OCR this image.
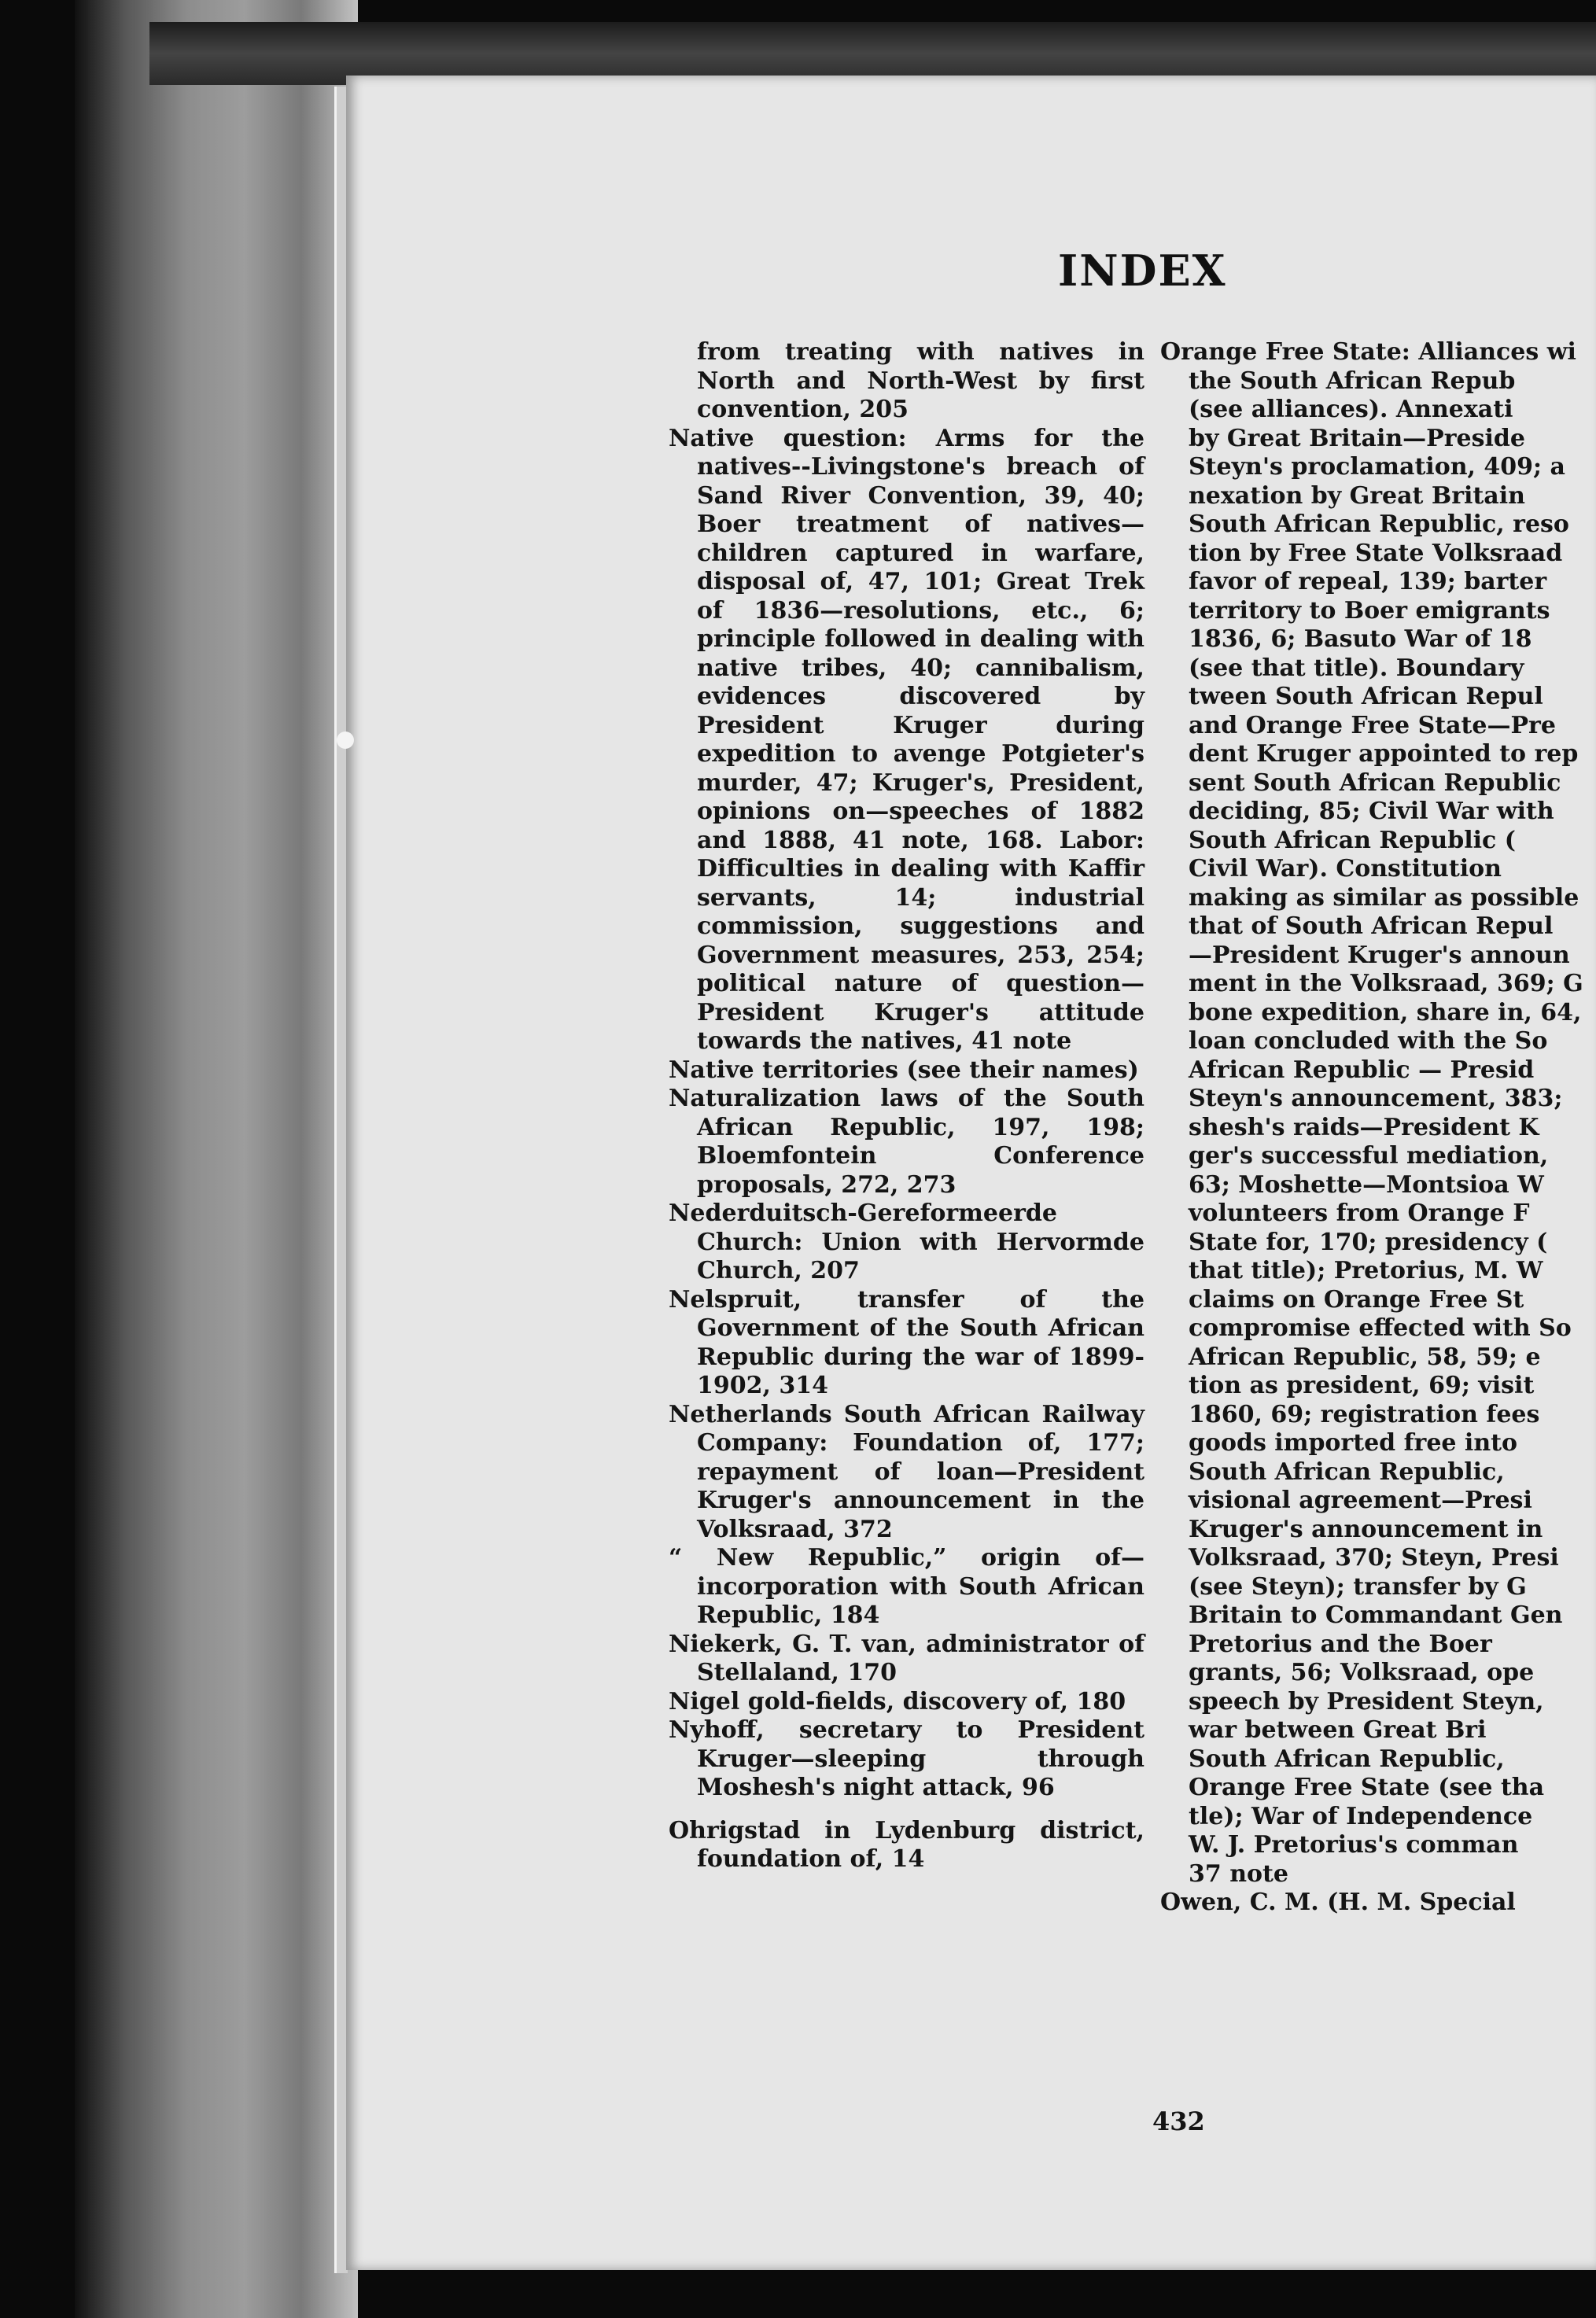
INDEX

from treating with natives in North and North-West by first convention, 205

Native question: Arms for the natives--Livingstone's breach of Sand River Convention, 39, 40; Boer treatment of natives—children captured in warfare, disposal of, 47, 101; Great Trek of 1836—resolutions, etc., 6; principle followed in dealing with native tribes, 40; cannibalism, evidences discovered by President Kruger during expedition to avenge Potgieter's murder, 47; Kruger's, President, opinions on—speeches of 1882 and 1888, 41 note, 168. Labor: Difficulties in dealing with Kaffir servants, 14; industrial commission, suggestions and Government measures, 253, 254; political nature of question—President Kruger's attitude towards the natives, 41 note

Native territories (see their names)

Naturalization laws of the South African Republic, 197, 198; Bloemfontein Conference proposals, 272, 273

Nederduitsch-Gereformeerde Church: Union with Hervormde Church, 207

Nelspruit, transfer of the Government of the South African Republic during the war of 1899-1902, 314

Netherlands South African Railway Company: Foundation of, 177; repayment of loan—President Kruger's announcement in the Volksraad, 372

“ New Republic,” origin of—incorporation with South African Republic, 184

Niekerk, G. T. van, administrator of Stellaland, 170

Nigel gold-fields, discovery of, 180

Nyhoff, secretary to President Kruger—sleeping through Moshesh's night attack, 96

Ohrigstad in Lydenburg district, foundation of, 14

Orange Free State: Alliances wi
the South African Repub
(see alliances). Annexati
by Great Britain—Preside
Steyn's proclamation, 409; a
nexation by Great Britain
South African Republic, reso
tion by Free State Volksraad
favor of repeal, 139; barter
territory to Boer emigrants
1836, 6; Basuto War of 18
(see that title). Boundary
tween South African Repul
and Orange Free State—Pre
dent Kruger appointed to rep
sent South African Republic
deciding, 85; Civil War with
South African Republic (
Civil War). Constitution
making as similar as possible
that of South African Repul
—President Kruger's announ
ment in the Volksraad, 369; G
bone expedition, share in, 64,
loan concluded with the So
African Republic — Presid
Steyn's announcement, 383;
shesh's raids—President K
ger's successful mediation,
63; Moshette—Montsioa W
volunteers from Orange F
State for, 170; presidency (
that title); Pretorius, M. W
claims on Orange Free St
compromise effected with So
African Republic, 58, 59; e
tion as president, 69; visit
1860, 69; registration fees
goods imported free into
South African Republic,
visional agreement—Presi
Kruger's announcement in
Volksraad, 370; Steyn, Presi
(see Steyn); transfer by G
Britain to Commandant Gen
Pretorius and the Boer
grants, 56; Volksraad, ope
speech by President Steyn,
war between Great Bri
South African Republic,
Orange Free State (see tha
tle); War of Independence
W. J. Pretorius's comman
37 note
Owen, C. M. (H. M. Special
432
